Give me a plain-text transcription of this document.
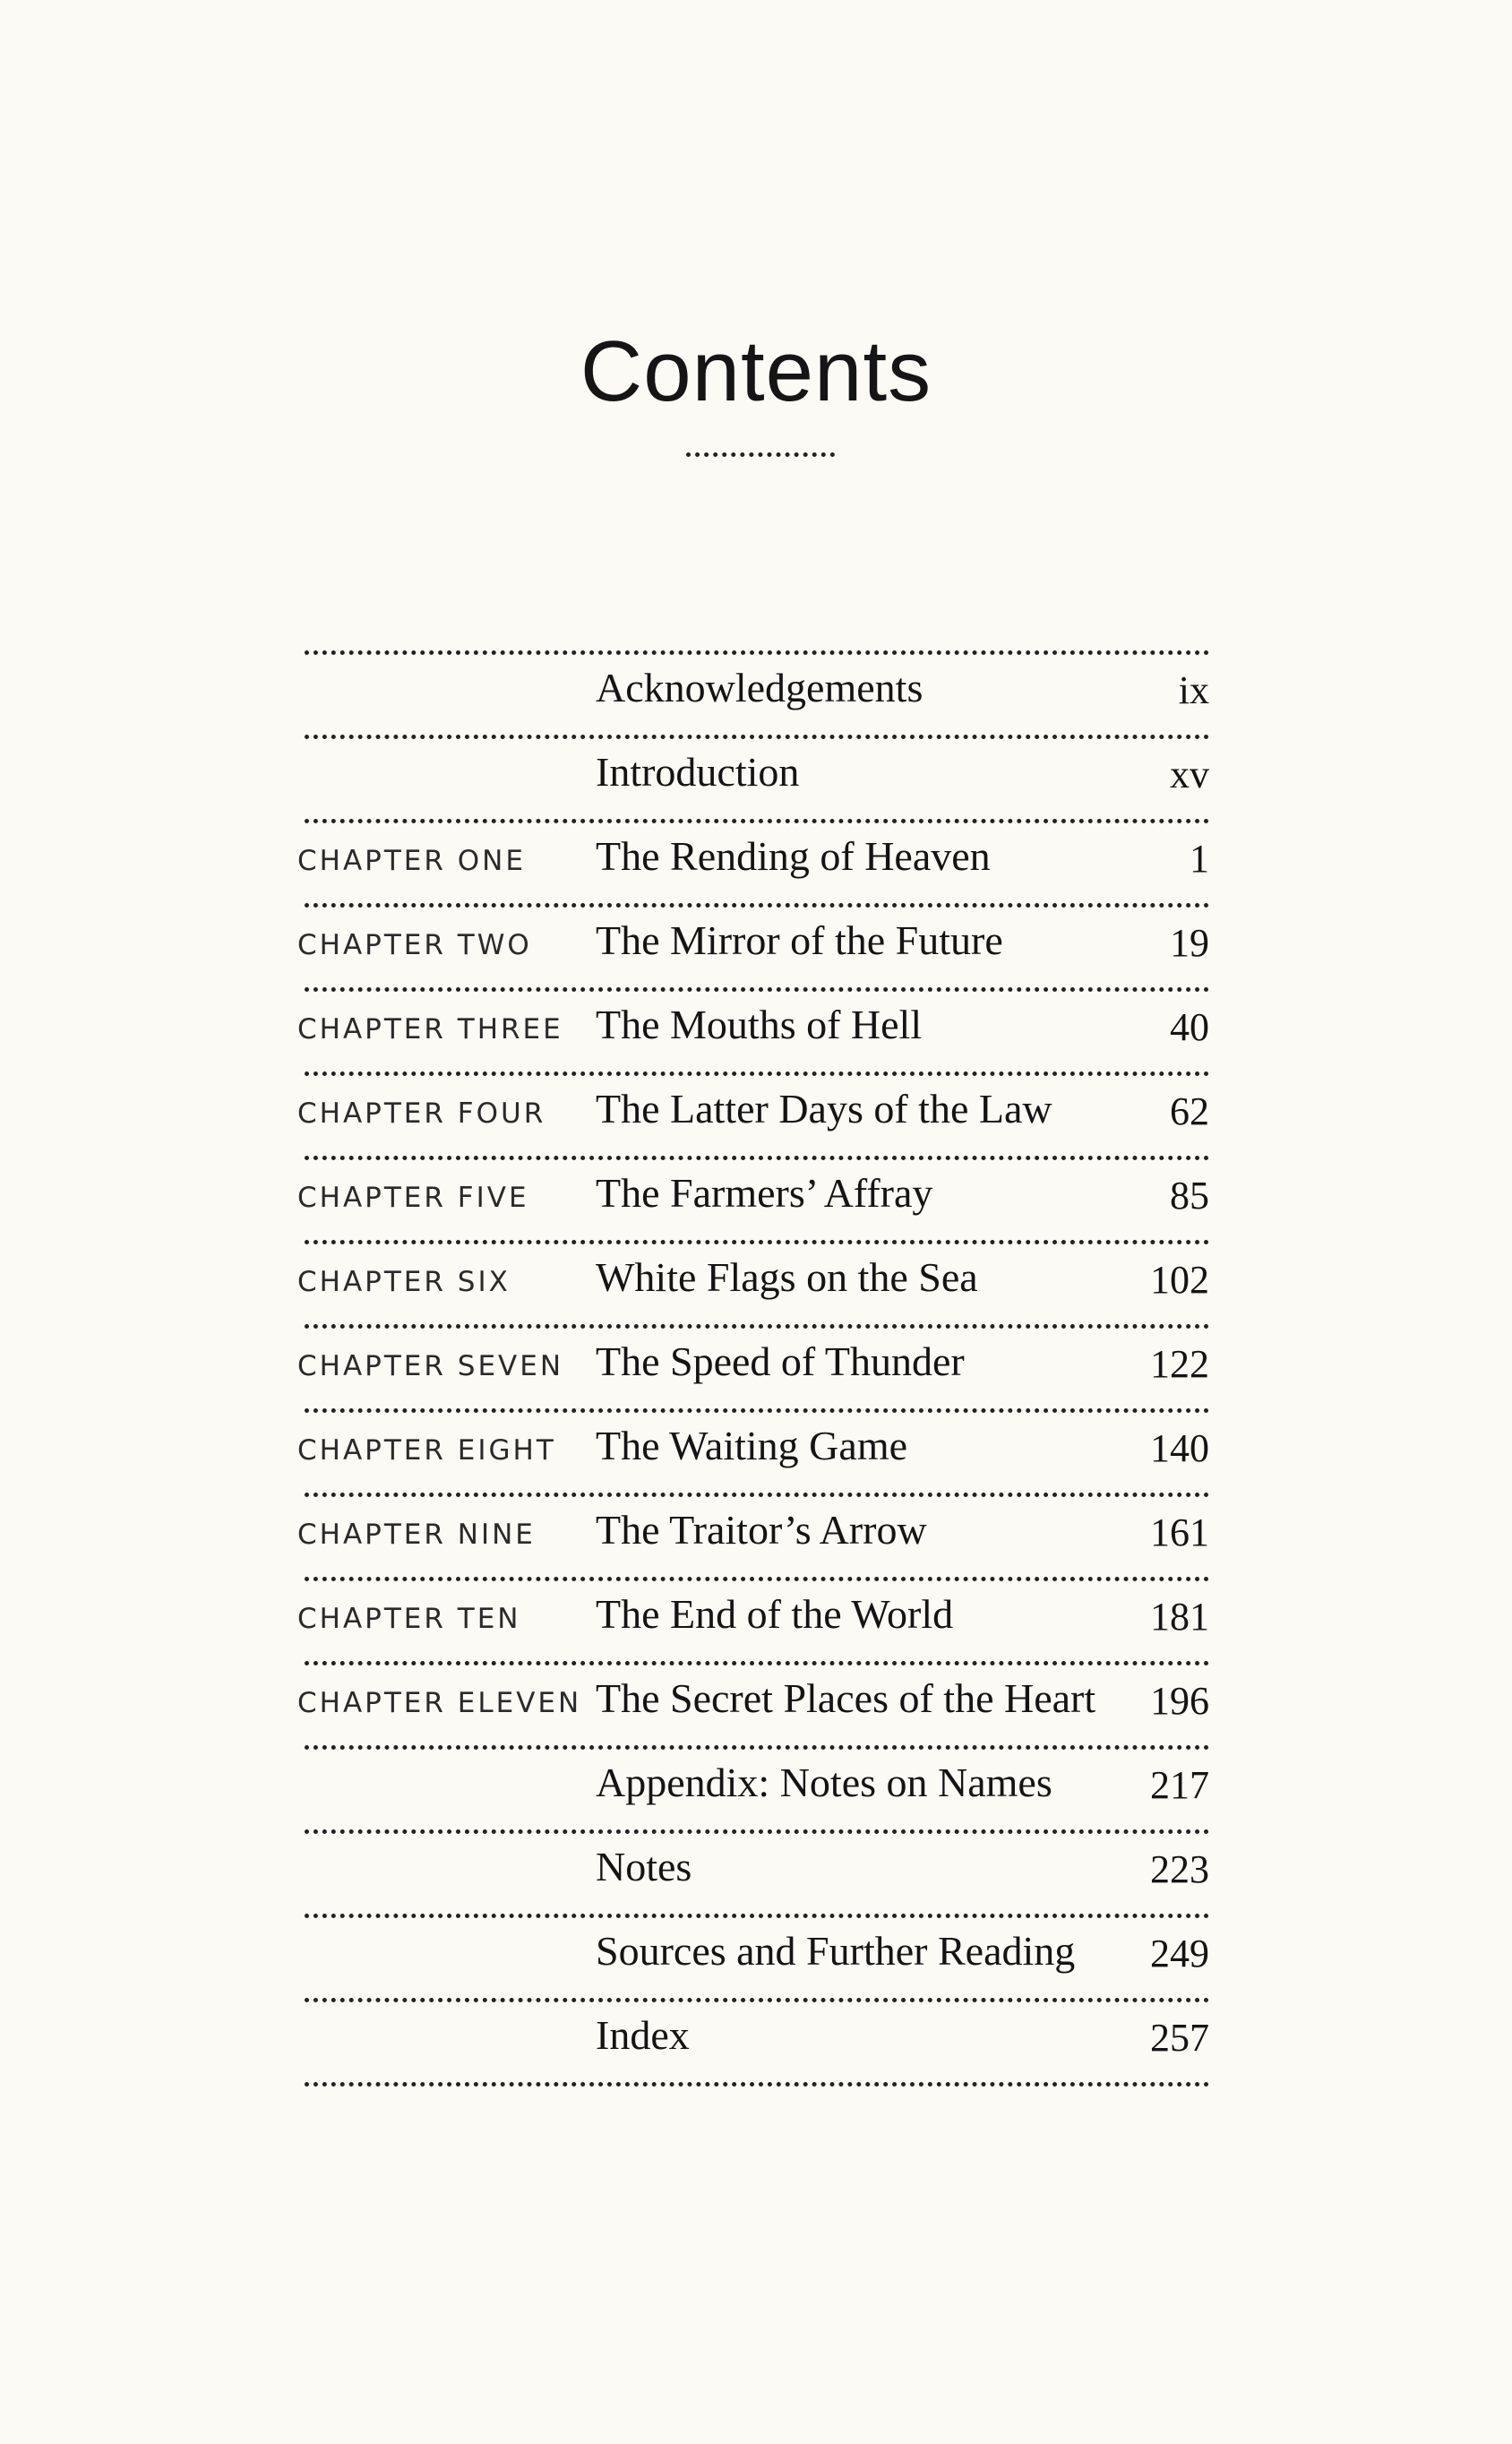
Contents
Acknowledgements	ix
Introduction	xv
CHAPTER ONE The Rending of Heaven	1
CHAPTER TWO The Mirror of the Future	19
CHAPTER THREE The Mouths of Hell	40
CHAPTER FOUR The Latter Days of the Law	62
CHAPTER FIVE The Farmers’ Affray	85
CHAPTER SIX White Flags on the Sea	102
CHAPTER SEVEN The Speed of Thunder	122
CHAPTER EIGHT The Waiting Game	140
CHAPTER NINE The Traitor’s Arrow	161
CHAPTER TEN The End of the World	181
CHAPTER ELEVEN The Secret Places of the Heart 196
Appendix: Notes on Names 217
Notes	223
Sources and Further Reading 249
Index	257
